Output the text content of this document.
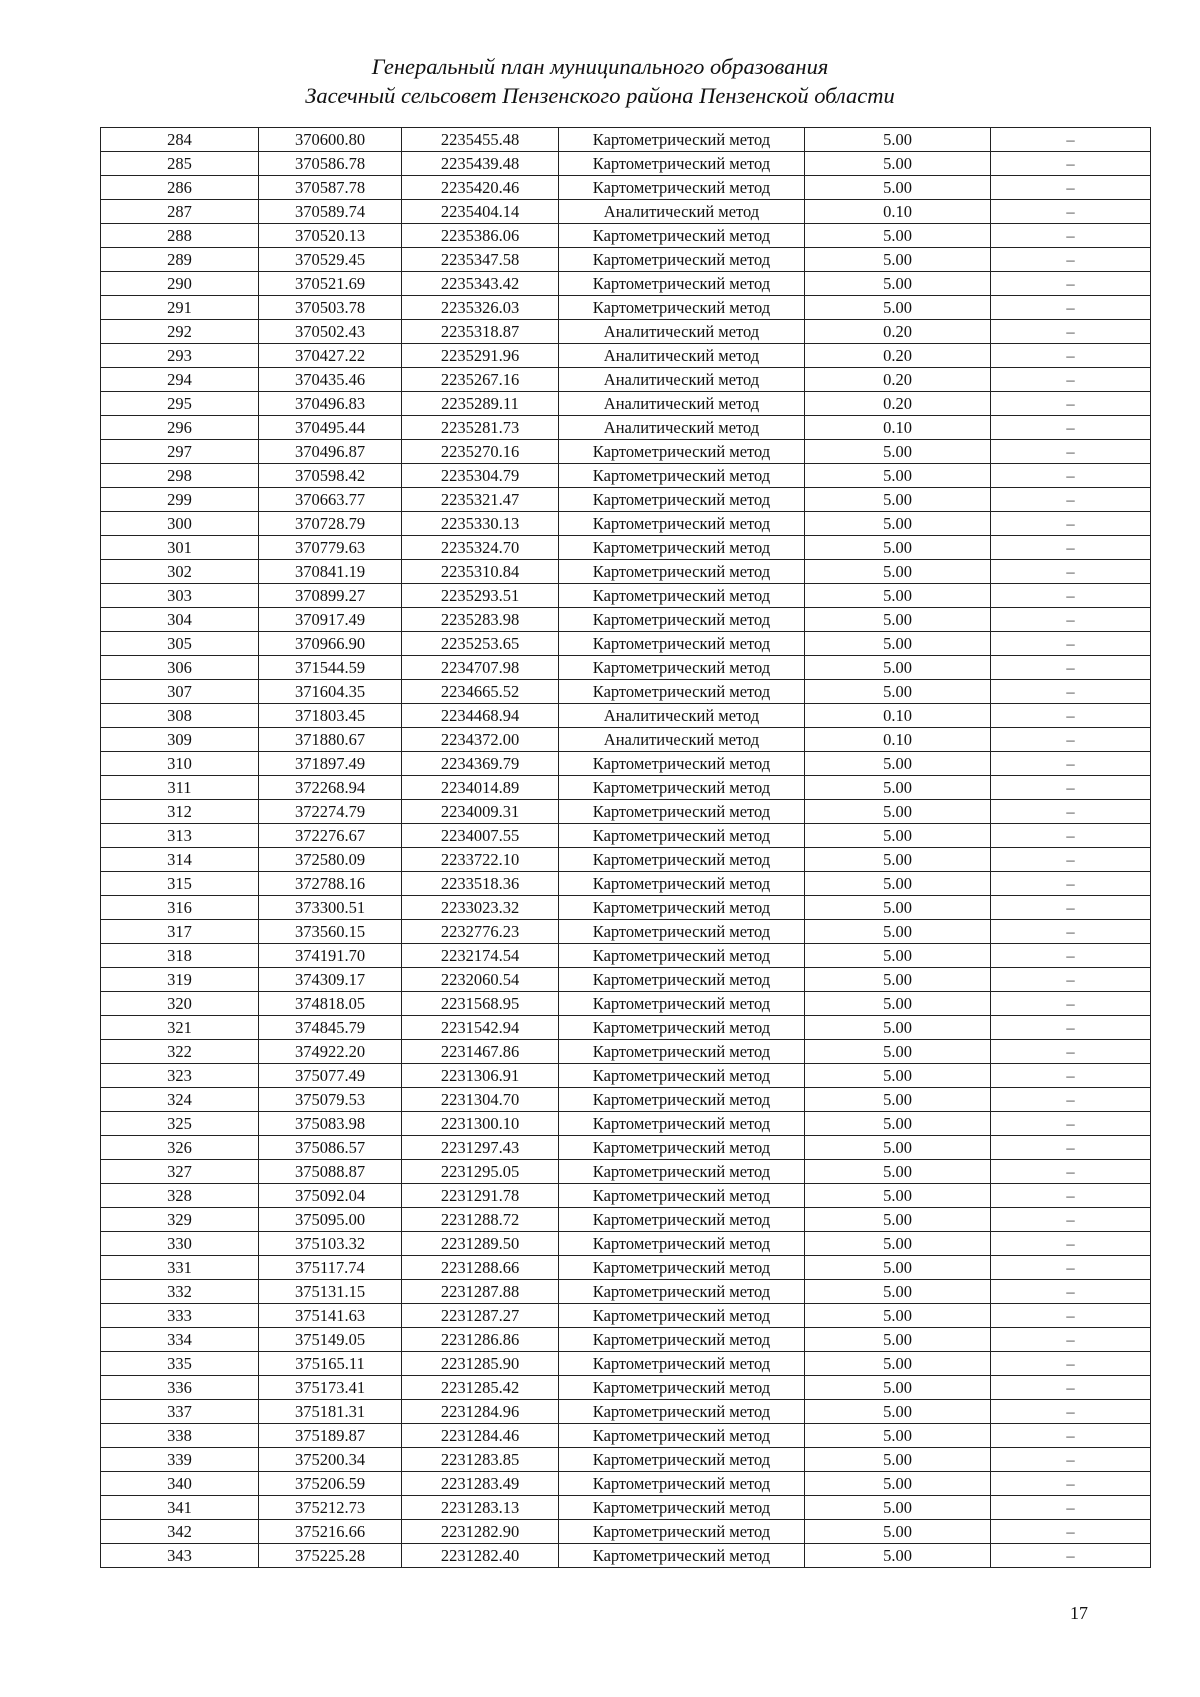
Генеральный план муниципального образования
Засечный сельсовет Пензенского района Пензенской области
284	370600.80	2235455.48	Картометрический метод	5.00	–
285	370586.78	2235439.48	Картометрический метод	5.00	–
286	370587.78	2235420.46	Картометрический метод	5.00	–
287	370589.74	2235404.14	Аналитический метод	0.10	–
288	370520.13	2235386.06	Картометрический метод	5.00	–
289	370529.45	2235347.58	Картометрический метод	5.00	–
290	370521.69	2235343.42	Картометрический метод	5.00	–
291	370503.78	2235326.03	Картометрический метод	5.00	–
292	370502.43	2235318.87	Аналитический метод	0.20	–
293	370427.22	2235291.96	Аналитический метод	0.20	–
294	370435.46	2235267.16	Аналитический метод	0.20	–
295	370496.83	2235289.11	Аналитический метод	0.20	–
296	370495.44	2235281.73	Аналитический метод	0.10	–
297	370496.87	2235270.16	Картометрический метод	5.00	–
298	370598.42	2235304.79	Картометрический метод	5.00	–
299	370663.77	2235321.47	Картометрический метод	5.00	–
300	370728.79	2235330.13	Картометрический метод	5.00	–
301	370779.63	2235324.70	Картометрический метод	5.00	–
302	370841.19	2235310.84	Картометрический метод	5.00	–
303	370899.27	2235293.51	Картометрический метод	5.00	–
304	370917.49	2235283.98	Картометрический метод	5.00	–
305	370966.90	2235253.65	Картометрический метод	5.00	–
306	371544.59	2234707.98	Картометрический метод	5.00	–
307	371604.35	2234665.52	Картометрический метод	5.00	–
308	371803.45	2234468.94	Аналитический метод	0.10	–
309	371880.67	2234372.00	Аналитический метод	0.10	–
310	371897.49	2234369.79	Картометрический метод	5.00	–
311	372268.94	2234014.89	Картометрический метод	5.00	–
312	372274.79	2234009.31	Картометрический метод	5.00	–
313	372276.67	2234007.55	Картометрический метод	5.00	–
314	372580.09	2233722.10	Картометрический метод	5.00	–
315	372788.16	2233518.36	Картометрический метод	5.00	–
316	373300.51	2233023.32	Картометрический метод	5.00	–
317	373560.15	2232776.23	Картометрический метод	5.00	–
318	374191.70	2232174.54	Картометрический метод	5.00	–
319	374309.17	2232060.54	Картометрический метод	5.00	–
320	374818.05	2231568.95	Картометрический метод	5.00	–
321	374845.79	2231542.94	Картометрический метод	5.00	–
322	374922.20	2231467.86	Картометрический метод	5.00	–
323	375077.49	2231306.91	Картометрический метод	5.00	–
324	375079.53	2231304.70	Картометрический метод	5.00	–
325	375083.98	2231300.10	Картометрический метод	5.00	–
326	375086.57	2231297.43	Картометрический метод	5.00	–
327	375088.87	2231295.05	Картометрический метод	5.00	–
328	375092.04	2231291.78	Картометрический метод	5.00	–
329	375095.00	2231288.72	Картометрический метод	5.00	–
330	375103.32	2231289.50	Картометрический метод	5.00	–
331	375117.74	2231288.66	Картометрический метод	5.00	–
332	375131.15	2231287.88	Картометрический метод	5.00	–
333	375141.63	2231287.27	Картометрический метод	5.00	–
334	375149.05	2231286.86	Картометрический метод	5.00	–
335	375165.11	2231285.90	Картометрический метод	5.00	–
336	375173.41	2231285.42	Картометрический метод	5.00	–
337	375181.31	2231284.96	Картометрический метод	5.00	–
338	375189.87	2231284.46	Картометрический метод	5.00	–
339	375200.34	2231283.85	Картометрический метод	5.00	–
340	375206.59	2231283.49	Картометрический метод	5.00	–
341	375212.73	2231283.13	Картометрический метод	5.00	–
342	375216.66	2231282.90	Картометрический метод	5.00	–
343	375225.28	2231282.40	Картометрический метод	5.00	–
17
